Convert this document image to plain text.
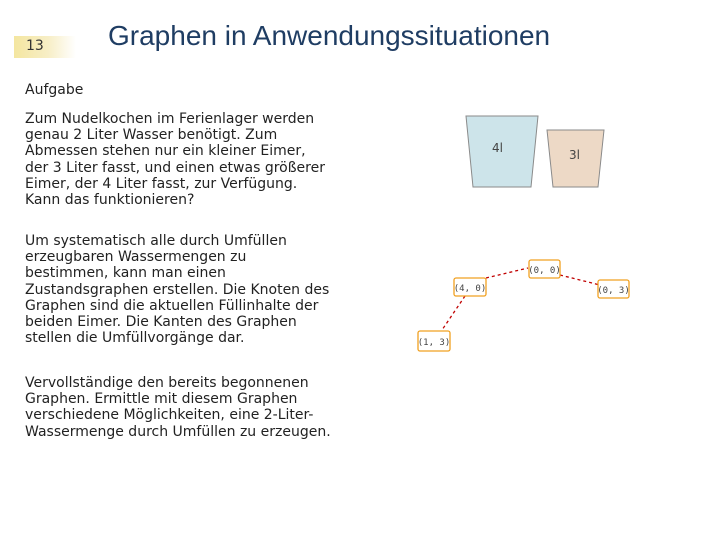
13 Graphen in Anwendungssituationen
Aufgabe
Zum Nudelkochen im Ferienlager werden
genau 2 Liter Wasser benötigt. Zum
Abmessen stehen nur ein kleiner Eimer,
der 3 Liter fasst, und einen etwas größerer
Eimer, der 4 Liter fasst, zur Verfügung.
Kann das funktionieren?
Um systematisch alle durch Umfüllen
erzeugbaren Wassermengen zu
bestimmen, kann man einen
Zustandsgraphen erstellen. Die Knoten des
Graphen sind die aktuellen Füllinhalte der
beiden Eimer. Die Kanten des Graphen
stellen die Umfüllvorgänge dar.
Vervollständige den bereits begonnenen
Graphen. Ermittle mit diesem Graphen
verschiedene Möglichkeiten, eine 2-Liter-
Wassermenge durch Umfüllen zu erzeugen.
4l	3l
(0, 0)
(4, 0)	(0, 3)
(1, 3)
